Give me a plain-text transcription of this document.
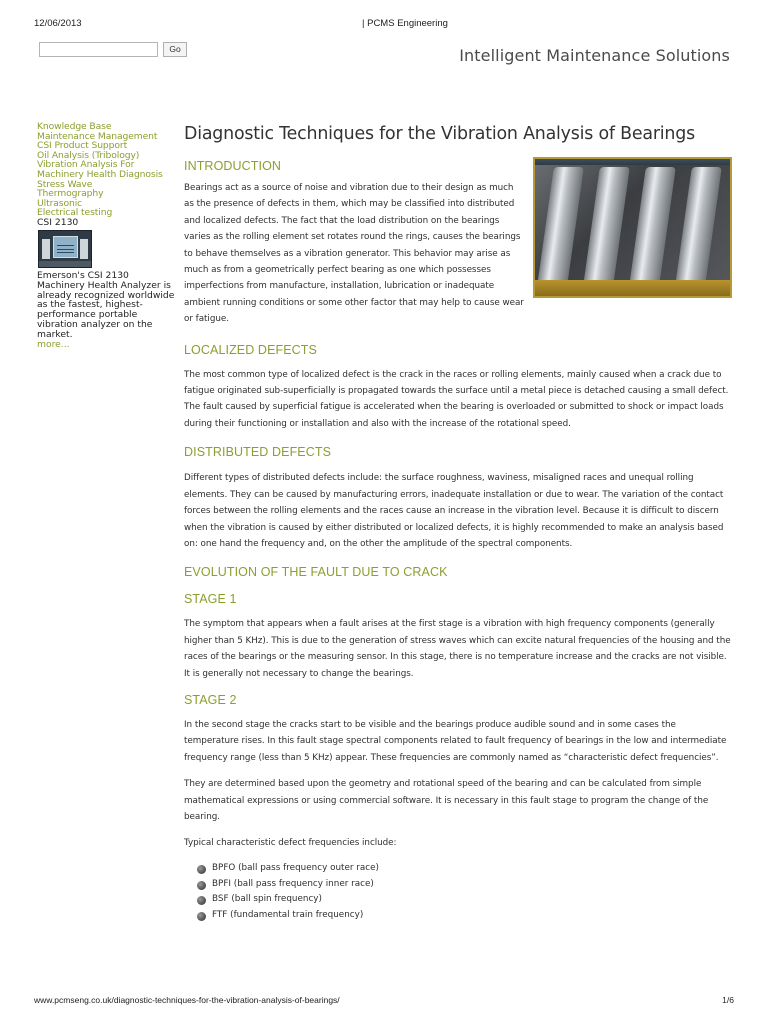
12/06/2013	| PCMS Engineering
Go	Intelligent Maintenance Solutions
Knowledge Base
Maintenance Management
CSI Product Support
Oil Analysis (Tribology)
Vibration Analysis For
Machinery Health Diagnosis
Stress Wave
Thermography
Ultrasonic
Electrical testing
CSI 2130
Emerson's CSI 2130 Machinery Health Analyzer is already recognized worldwide as the fastest, highest-performance portable vibration analyzer on the market.
more...
Diagnostic Techniques for the Vibration Analysis of Bearings
INTRODUCTION

Bearings act as a source of noise and vibration due to their design as much as the presence of defects in them, which may be classified into distributed and localized defects. The fact that the load distribution on the bearings varies as the rolling element set rotates round the rings, causes the bearings to behave themselves as a vibration generator. This behavior may arise as much as from a geometrically perfect bearing as one which possesses imperfections from manufacture, installation, lubrication or inadequate ambient running conditions or some other factor that may help to cause wear or fatigue.

LOCALIZED DEFECTS

The most common type of localized defect is the crack in the races or rolling elements, mainly caused when a crack due to fatigue originated sub-superficially is propagated towards the surface until a metal piece is detached causing a small defect. The fault caused by superficial fatigue is accelerated when the bearing is overloaded or submitted to shock or impact loads during their functioning or installation and also with the increase of the rotational speed.

DISTRIBUTED DEFECTS

Different types of distributed defects include: the surface roughness, waviness, misaligned races and unequal rolling elements. They can be caused by manufacturing errors, inadequate installation or due to wear. The variation of the contact forces between the rolling elements and the races cause an increase in the vibration level. Because it is difficult to discern when the vibration is caused by either distributed or localized defects, it is highly recommended to make an analysis based on: one hand the frequency and, on the other the amplitude of the spectral components.

EVOLUTION OF THE FAULT DUE TO CRACK
STAGE 1

The symptom that appears when a fault arises at the first stage is a vibration with high frequency components (generally higher than 5 KHz). This is due to the generation of stress waves which can excite natural frequencies of the housing and the races of the bearings or the measuring sensor. In this stage, there is no temperature increase and the cracks are not visible. It is generally not necessary to change the bearings.

STAGE 2

In the second stage the cracks start to be visible and the bearings produce audible sound and in some cases the temperature rises. In this fault stage spectral components related to fault frequency of bearings in the low and intermediate frequency range (less than 5 KHz) appear. These frequencies are commonly named as “characteristic defect frequencies”.

They are determined based upon the geometry and rotational speed of the bearing and can be calculated from simple mathematical expressions or using commercial software. It is necessary in this fault stage to program the change of the bearing.

Typical characteristic defect frequencies include:

BPFO (ball pass frequency outer race)
BPFI (ball pass frequency inner race)
BSF (ball spin frequency)
FTF (fundamental train frequency)
www.pcmseng.co.uk/diagnostic-techniques-for-the-vibration-analysis-of-bearings/	1/6
